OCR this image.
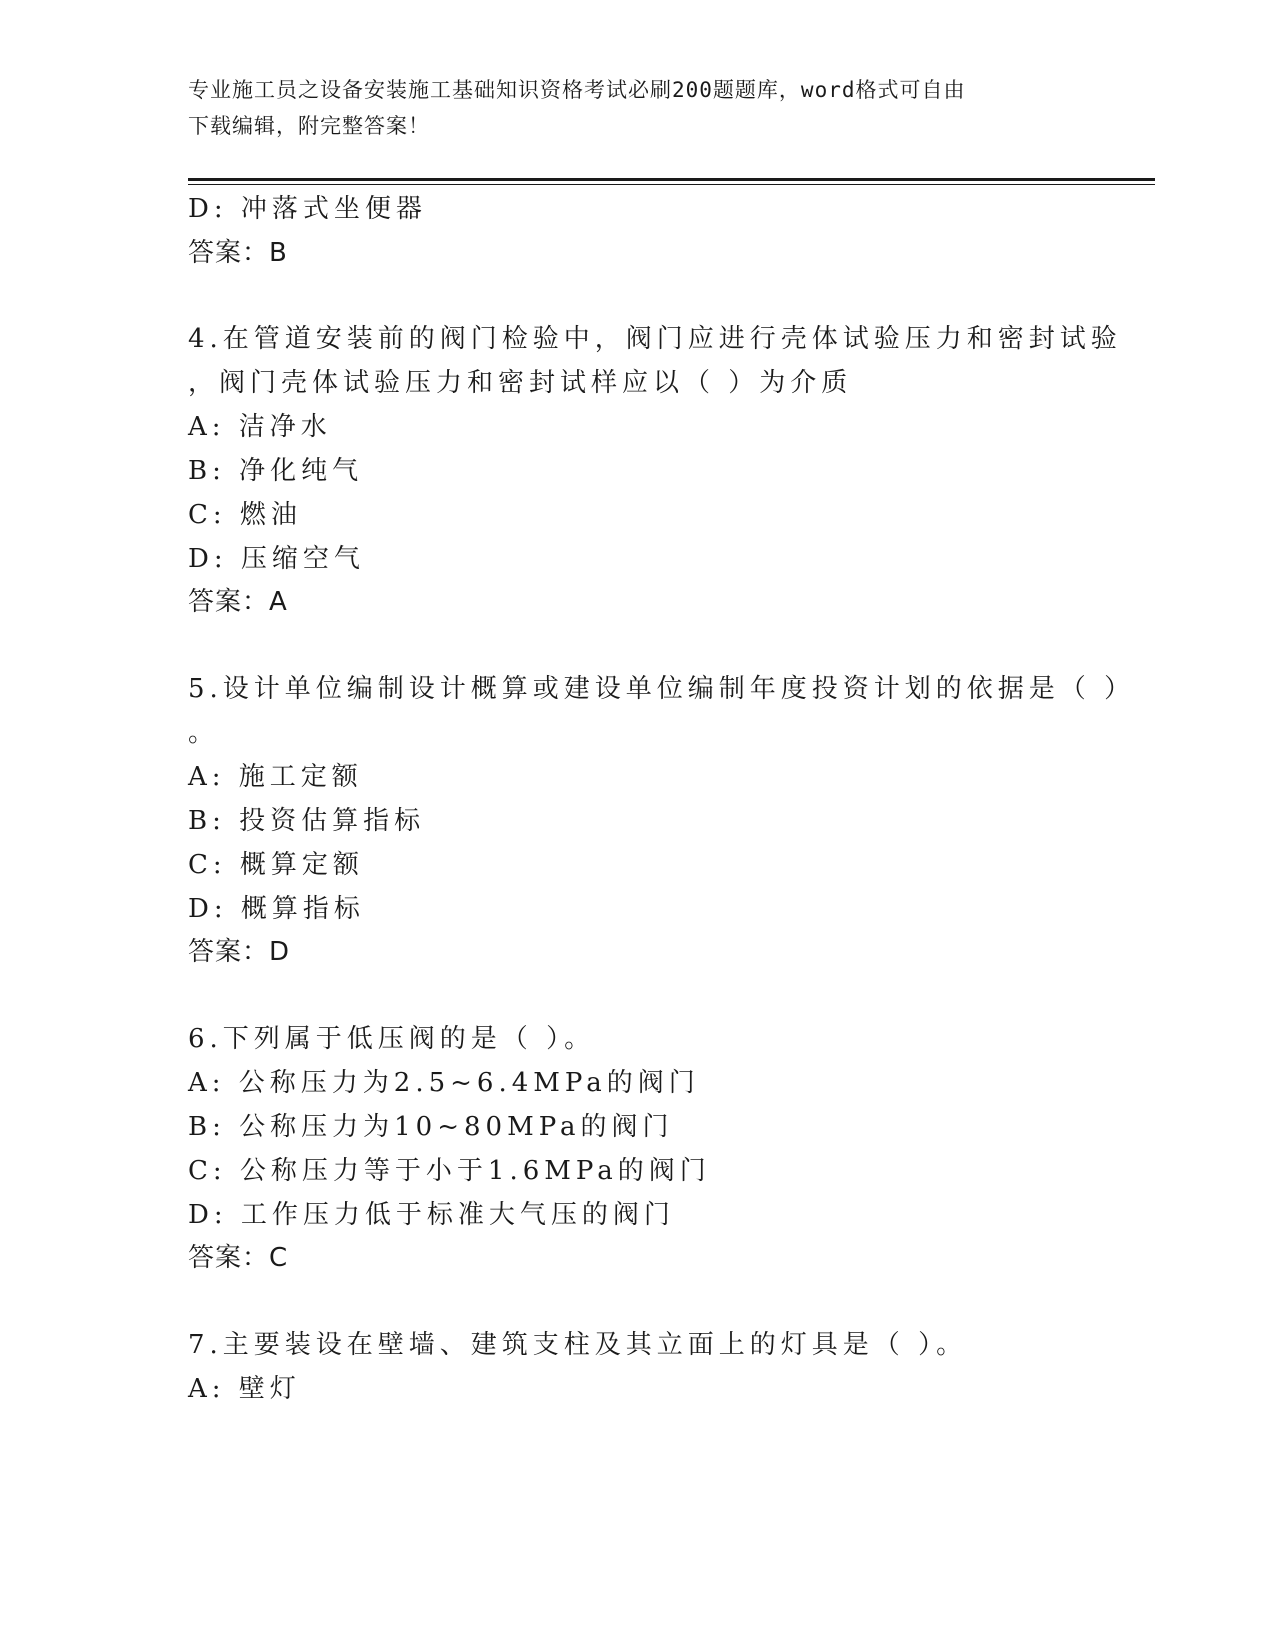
专业施工员之设备安装施工基础知识资格考试必刷200题题库，word格式可自由
下载编辑，附完整答案！
D: 冲落式坐便器
答案：B
4.在管道安装前的阀门检验中，阀门应进行壳体试验压力和密封试验
，阀门壳体试验压力和密封试样应以（ ）为介质
A: 洁净水
B: 净化纯气
C: 燃油
D: 压缩空气
答案：A
5.设计单位编制设计概算或建设单位编制年度投资计划的依据是（ ）
。
A: 施工定额
B: 投资估算指标
C: 概算定额
D: 概算指标
答案：D
6.下列属于低压阀的是（ ）。
A: 公称压力为2.5~6.4MPa的阀门
B: 公称压力为10~80MPa的阀门
C: 公称压力等于小于1.6MPa的阀门
D: 工作压力低于标准大气压的阀门
答案：C
7.主要装设在壁墙、建筑支柱及其立面上的灯具是（ ）。
A: 壁灯
